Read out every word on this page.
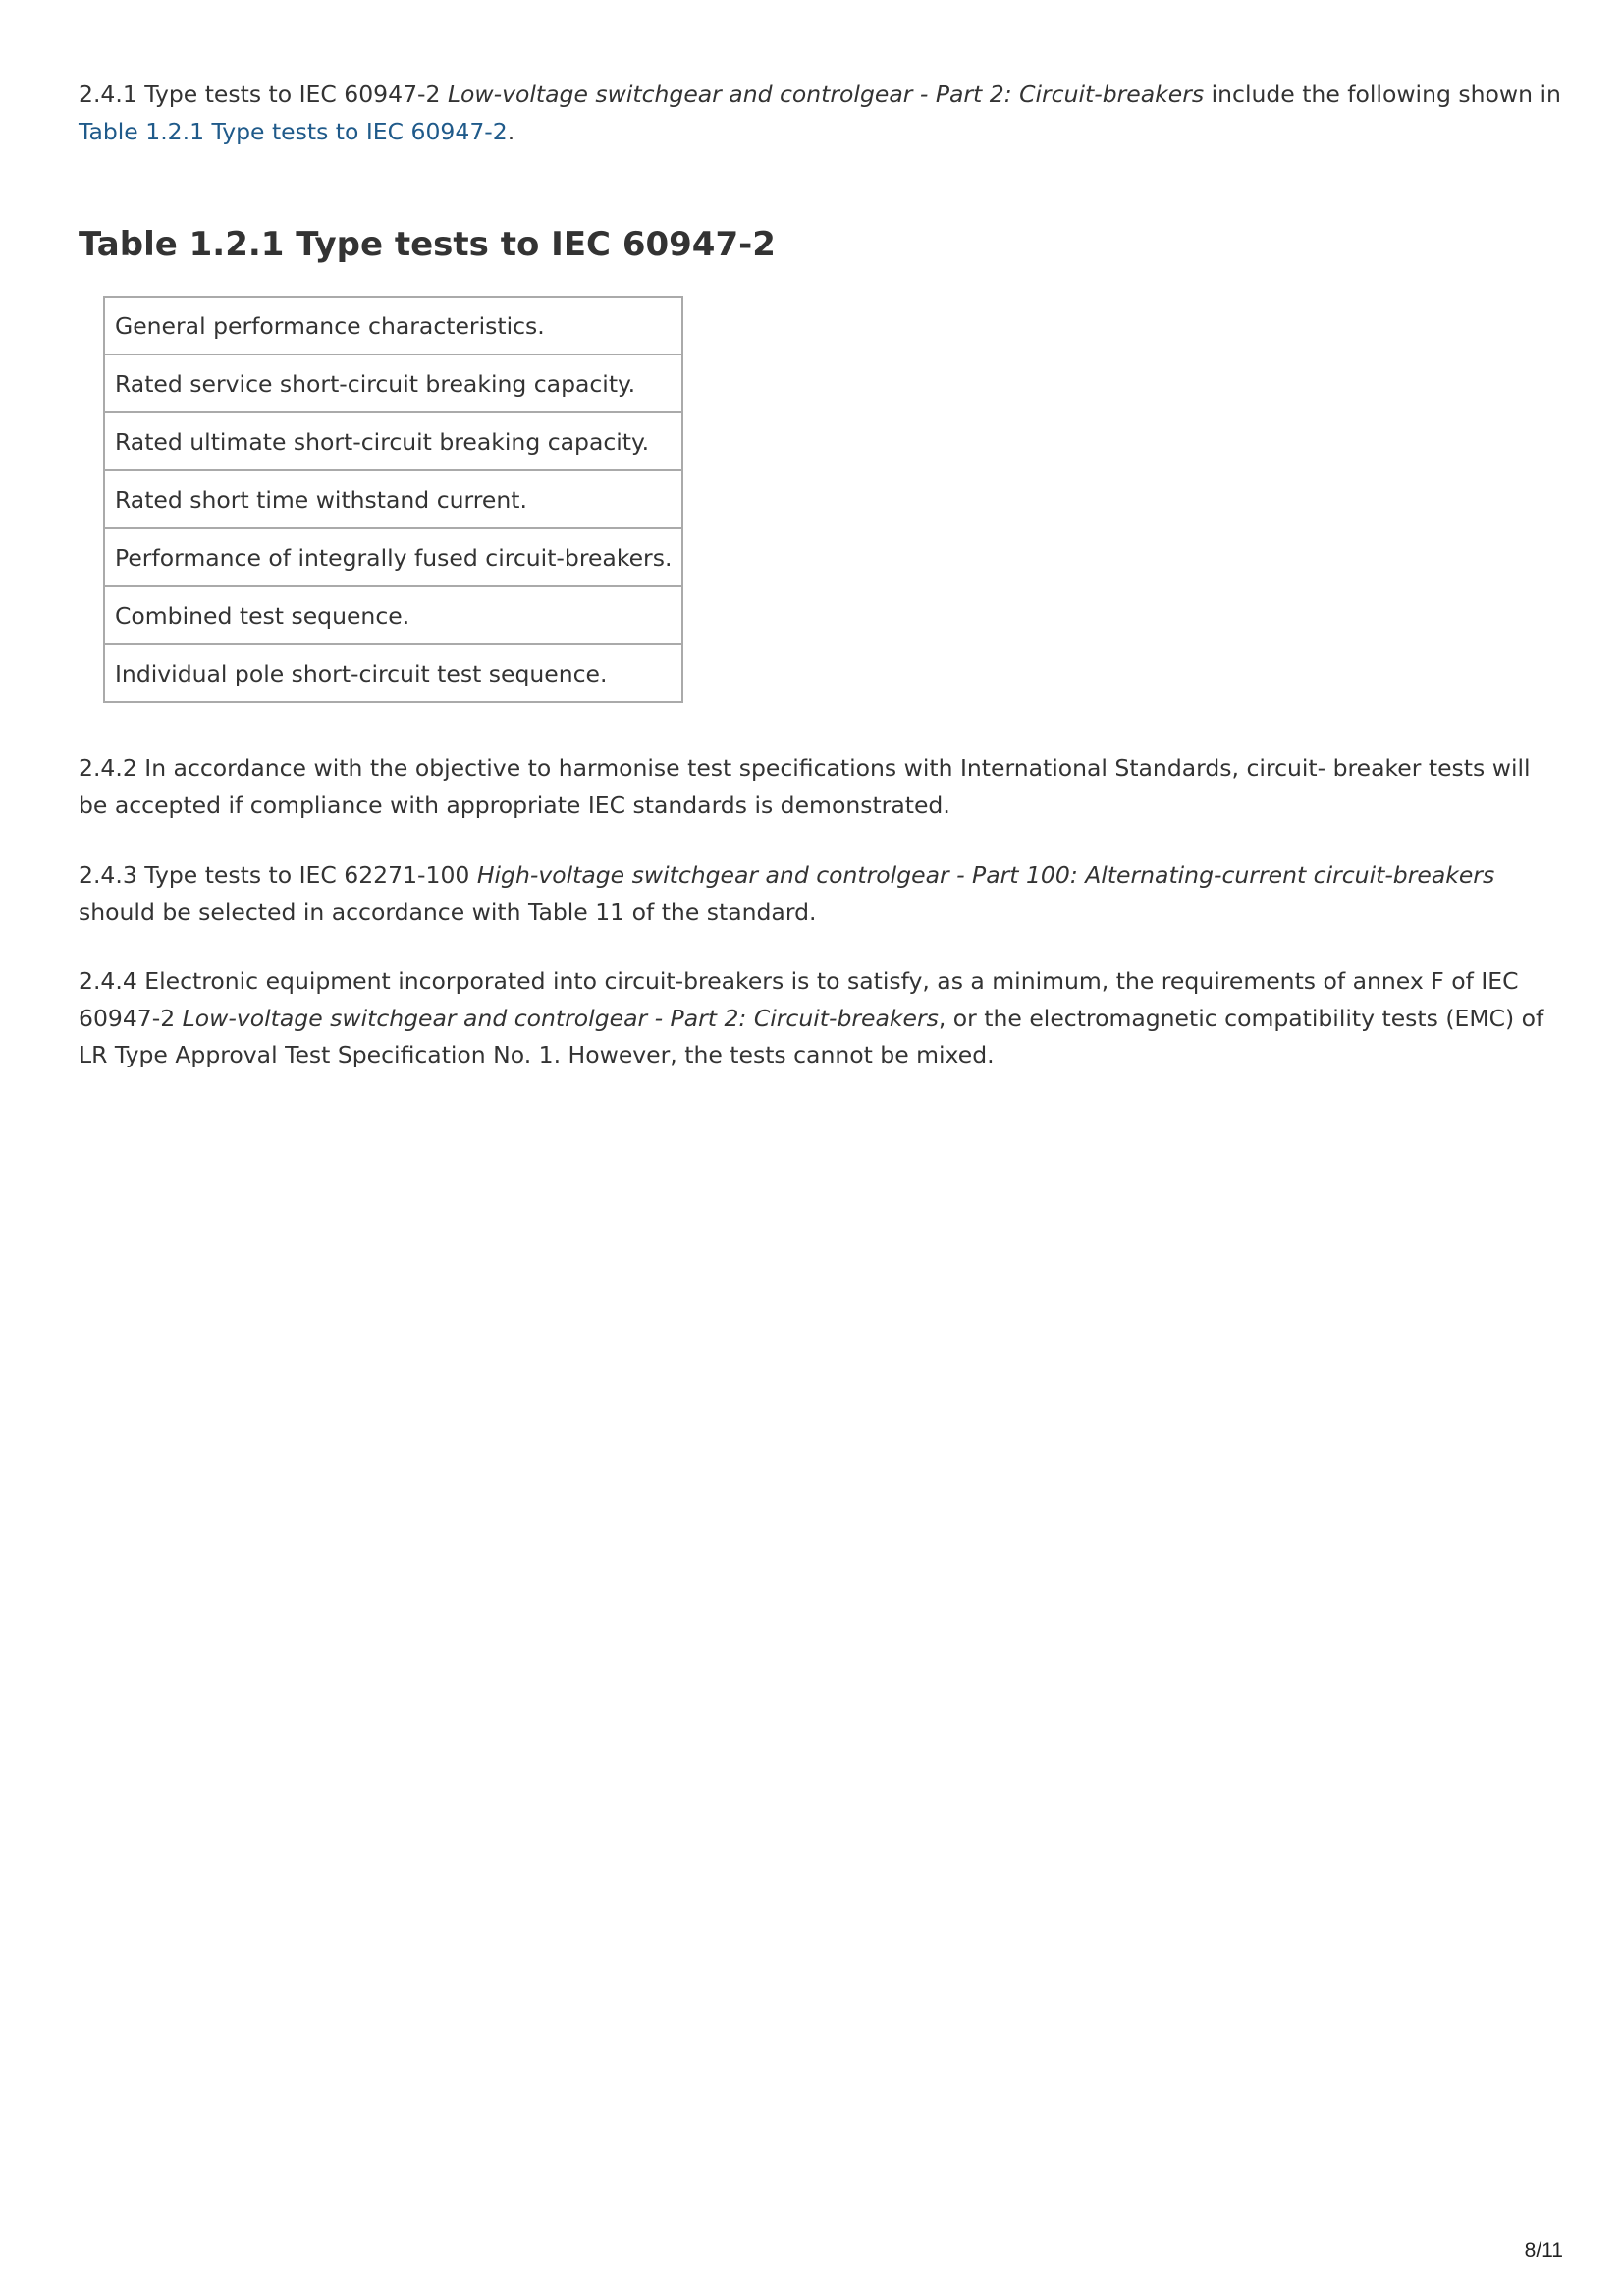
2.4.1 Type tests to IEC 60947-2 Low-voltage switchgear and controlgear - Part 2: Circuit-breakers include the following shown in Table 1.2.1 Type tests to IEC 60947-2.

Table 1.2.1 Type tests to IEC 60947-2
General performance characteristics.
Rated service short-circuit breaking capacity.
Rated ultimate short-circuit breaking capacity.
Rated short time withstand current.
Performance of integrally fused circuit-breakers.
Combined test sequence.
Individual pole short-circuit test sequence.

2.4.2 In accordance with the objective to harmonise test specifications with International Standards, circuit- breaker tests will be accepted if compliance with appropriate IEC standards is demonstrated.

2.4.3 Type tests to IEC 62271-100 High-voltage switchgear and controlgear - Part 100: Alternating-current circuit-breakers should be selected in accordance with Table 11 of the standard.

2.4.4 Electronic equipment incorporated into circuit-breakers is to satisfy, as a minimum, the requirements of annex F of IEC 60947-2 Low-voltage switchgear and controlgear - Part 2: Circuit-breakers, or the electromagnetic compatibility tests (EMC) of LR Type Approval Test Specification No. 1. However, the tests cannot be mixed.

8/11
